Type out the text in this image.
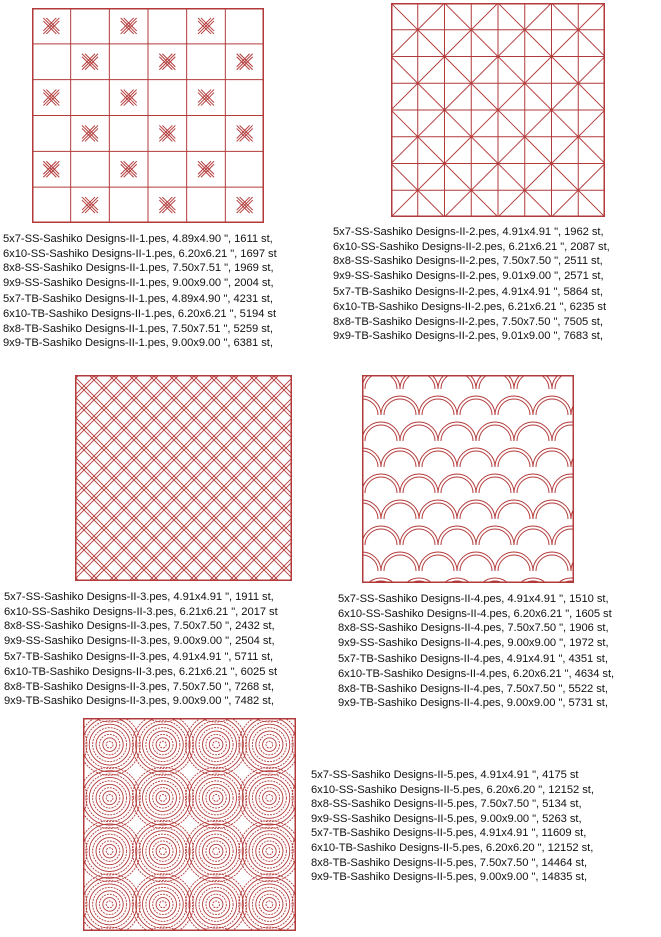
5x7-SS-Sashiko Designs-II-1.pes, 4.89x4.90 ", 1611 st,
6x10-SS-Sashiko Designs-II-1.pes, 6.20x6.21 ", 1697 st
8x8-SS-Sashiko Designs-II-1.pes, 7.50x7.51 ", 1969 st,
9x9-SS-Sashiko Designs-II-1.pes, 9.00x9.00 ", 2004 st,
5x7-TB-Sashiko Designs-II-1.pes, 4.89x4.90 ", 4231 st,
6x10-TB-Sashiko Designs-II-1.pes, 6.20x6.21 ", 5194 st
8x8-TB-Sashiko Designs-II-1.pes, 7.50x7.51 ", 5259 st,
9x9-TB-Sashiko Designs-II-1.pes, 9.00x9.00 ", 6381 st,
5x7-SS-Sashiko Designs-II-2.pes, 4.91x4.91 ", 1962 st,
6x10-SS-Sashiko Designs-II-2.pes, 6.21x6.21 ", 2087 st,
8x8-SS-Sashiko Designs-II-2.pes, 7.50x7.50 ", 2511 st,
9x9-SS-Sashiko Designs-II-2.pes, 9.01x9.00 ", 2571 st,
5x7-TB-Sashiko Designs-II-2.pes, 4.91x4.91 ", 5864 st,
6x10-TB-Sashiko Designs-II-2.pes, 6.21x6.21 ", 6235 st
8x8-TB-Sashiko Designs-II-2.pes, 7.50x7.50 ", 7505 st,
9x9-TB-Sashiko Designs-II-2.pes, 9.01x9.00 ", 7683 st,
5x7-SS-Sashiko Designs-II-3.pes, 4.91x4.91 ", 1911 st,
6x10-SS-Sashiko Designs-II-3.pes, 6.21x6.21 ", 2017 st
8x8-SS-Sashiko Designs-II-3.pes, 7.50x7.50 ", 2432 st,
9x9-SS-Sashiko Designs-II-3.pes, 9.00x9.00 ", 2504 st,
5x7-TB-Sashiko Designs-II-3.pes, 4.91x4.91 ", 5711 st,
6x10-TB-Sashiko Designs-II-3.pes, 6.21x6.21 ", 6025 st
8x8-TB-Sashiko Designs-II-3.pes, 7.50x7.50 ", 7268 st,
9x9-TB-Sashiko Designs-II-3.pes, 9.00x9.00 ", 7482 st,
5x7-SS-Sashiko Designs-II-4.pes, 4.91x4.91 ", 1510 st,
6x10-SS-Sashiko Designs-II-4.pes, 6.20x6.21 ", 1605 st
8x8-SS-Sashiko Designs-II-4.pes, 7.50x7.50 ", 1906 st,
9x9-SS-Sashiko Designs-II-4.pes, 9.00x9.00 ", 1972 st,
5x7-TB-Sashiko Designs-II-4.pes, 4.91x4.91 ", 4351 st,
6x10-TB-Sashiko Designs-II-4.pes, 6.20x6.21 ", 4634 st,
8x8-TB-Sashiko Designs-II-4.pes, 7.50x7.50 ", 5522 st,
9x9-TB-Sashiko Designs-II-4.pes, 9.00x9.00 ", 5731 st,
5x7-SS-Sashiko Designs-II-5.pes, 4.91x4.91 ", 4175 st
6x10-SS-Sashiko Designs-II-5.pes, 6.20x6.20 ", 12152 st,
8x8-SS-Sashiko Designs-II-5.pes, 7.50x7.50 ", 5134 st,
9x9-SS-Sashiko Designs-II-5.pes, 9.00x9.00 ", 5263 st,
5x7-TB-Sashiko Designs-II-5.pes, 4.91x4.91 ", 11609 st,
6x10-TB-Sashiko Designs-II-5.pes, 6.20x6.20 ", 12152 st,
8x8-TB-Sashiko Designs-II-5.pes, 7.50x7.50 ", 14464 st,
9x9-TB-Sashiko Designs-II-5.pes, 9.00x9.00 ", 14835 st,
